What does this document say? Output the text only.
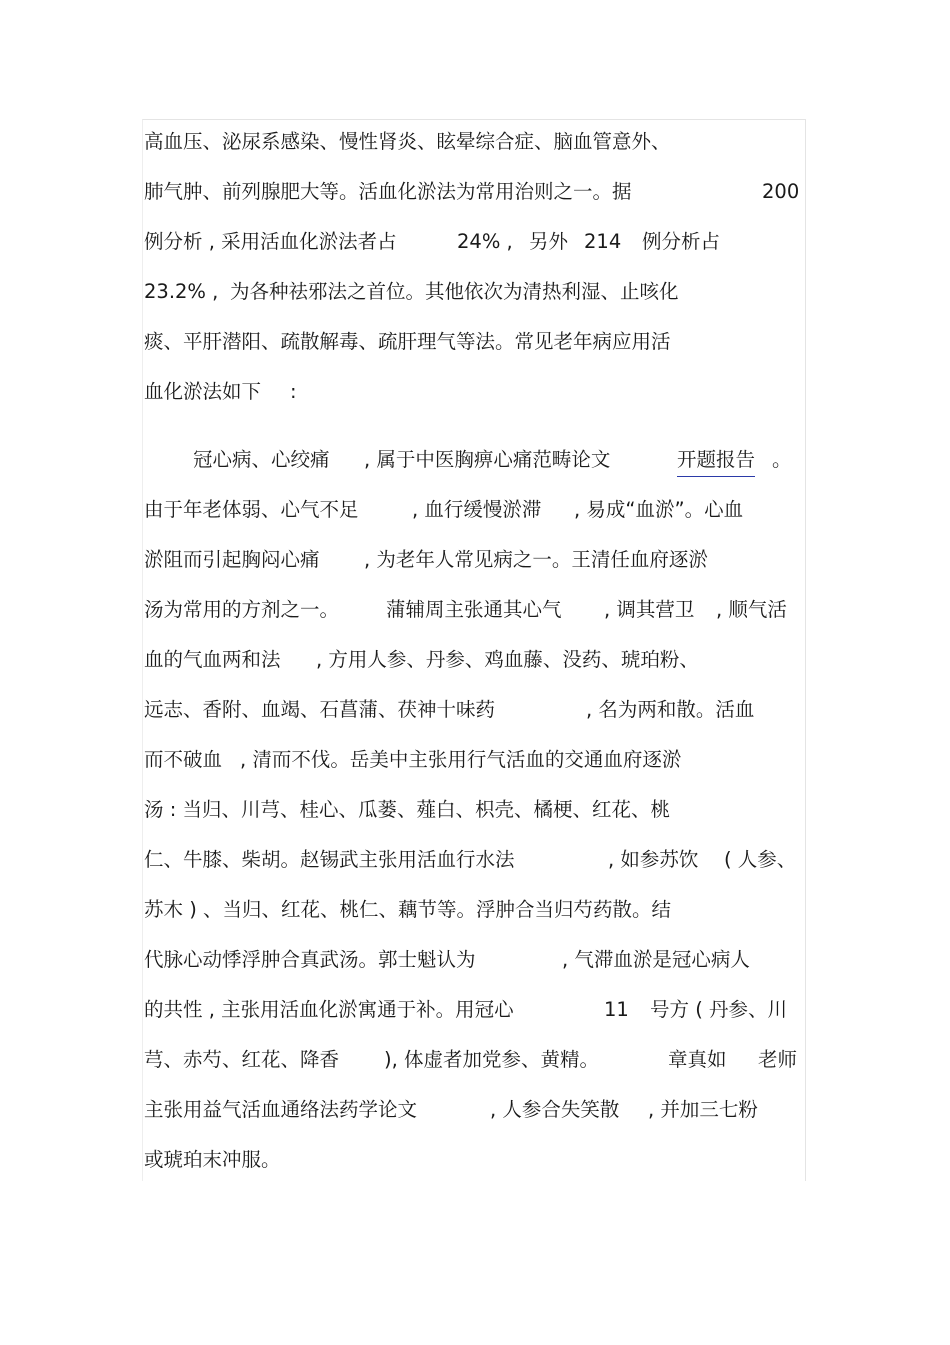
高血压、泌尿系感染、慢性肾炎、眩晕综合症、脑血管意外、
肺气肿、前列腺肥大等。活血化淤法为常用治则之一。据	200
例分析 , 采用活血化淤法者占	24% , 另外 214 例分析占
23.2% , 为各种祛邪法之首位。其他依次为清热利湿、止咳化
痰、平肝潜阳、疏散解毒、疏肝理气等法。常见老年病应用活
血化淤法如下 :
冠心病、心绞痛 , 属于中医胸痹心痛范畴论文	开题报告 。
由于年老体弱、心气不足	, 血行缓慢淤滞 , 易成“血淤”。心血
淤阻而引起胸闷心痛 , 为老年人常见病之一。王清任血府逐淤
汤为常用的方剂之一。 蒲辅周主张通其心气 , 调其营卫 , 顺气活
血的气血两和法 , 方用人参、丹参、鸡血藤、没药、琥珀粉、
远志、香附、血竭、石菖蒲、茯神十味药	, 名为两和散。活血
而不破血 , 清而不伐。岳美中主张用行气活血的交通血府逐淤
汤 : 当归、川芎、桂心、瓜蒌、薤白、枳壳、橘梗、红花、桃
仁、牛膝、柴胡。赵锡武主张用活血行水法	, 如参苏饮 ( 人参、
苏木 ) 、当归、红花、桃仁、藕节等。浮肿合当归芍药散。结
代脉心动悸浮肿合真武汤。郭士魁认为	, 气滞血淤是冠心病人
的共性 , 主张用活血化淤寓通于补。用冠心	11 号方 ( 丹参、川
芎、赤芍、红花、降香 ), 体虚者加党参、黄精。	章真如 老师
主张用益气活血通络法药学论文	, 人参合失笑散 , 并加三七粉
或琥珀末冲服。
